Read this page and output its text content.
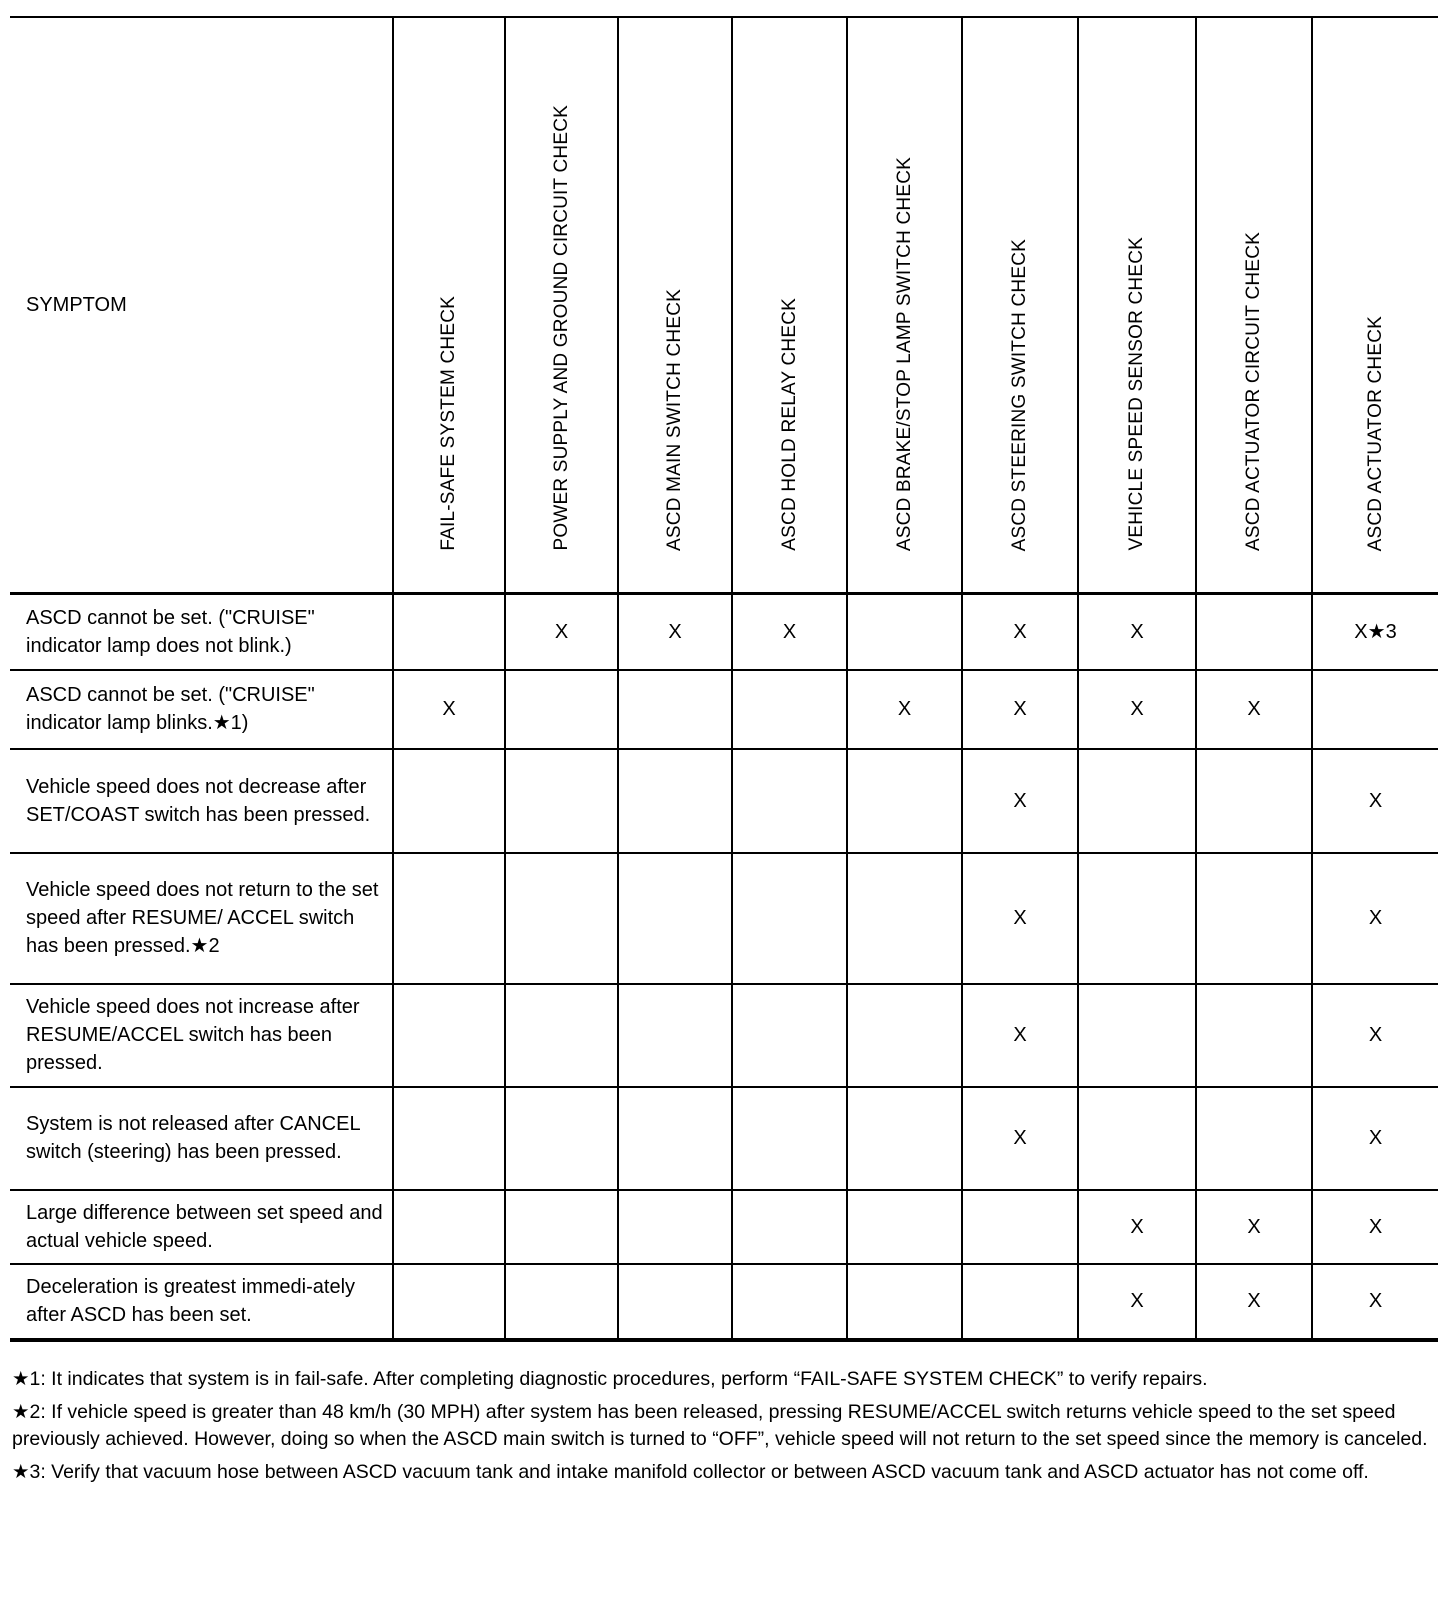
SYMPTOM	FAIL-SAFE SYSTEM CHECK	POWER SUPPLY AND GROUND CIRCUIT CHECK	ASCD MAIN SWITCH CHECK	ASCD HOLD RELAY CHECK	ASCD BRAKE/STOP LAMP SWITCH CHECK	ASCD STEERING SWITCH CHECK	VEHICLE SPEED SENSOR CHECK	ASCD ACTUATOR CIRCUIT CHECK	ASCD ACTUATOR CHECK
ASCD cannot be set. ("CRUISE" indicator lamp does not blink.)		X	X	X		X	X		X★3
ASCD cannot be set. ("CRUISE" indicator lamp blinks.★1)	X				X	X	X	X	
Vehicle speed does not decrease after SET/COAST switch has been pressed.						X			X
Vehicle speed does not return to the set speed after RESUME/ ACCEL switch has been pressed.★2						X			X
Vehicle speed does not increase after RESUME/ACCEL switch has been pressed.						X			X
System is not released after CANCEL switch (steering) has been pressed.						X			X
Large difference between set speed and actual vehicle speed.							X	X	X
Deceleration is greatest immedi-ately after ASCD has been set.							X	X	X
★1: It indicates that system is in fail-safe. After completing diagnostic procedures, perform “FAIL-SAFE SYSTEM CHECK” to verify repairs.
★2: If vehicle speed is greater than 48 km/h (30 MPH) after system has been released, pressing RESUME/ACCEL switch returns vehicle speed to the set speed previously achieved. However, doing so when the ASCD main switch is turned to “OFF”, vehicle speed will not return to the set speed since the memory is canceled.
★3: Verify that vacuum hose between ASCD vacuum tank and intake manifold collector or between ASCD vacuum tank and ASCD actuator has not come off.
